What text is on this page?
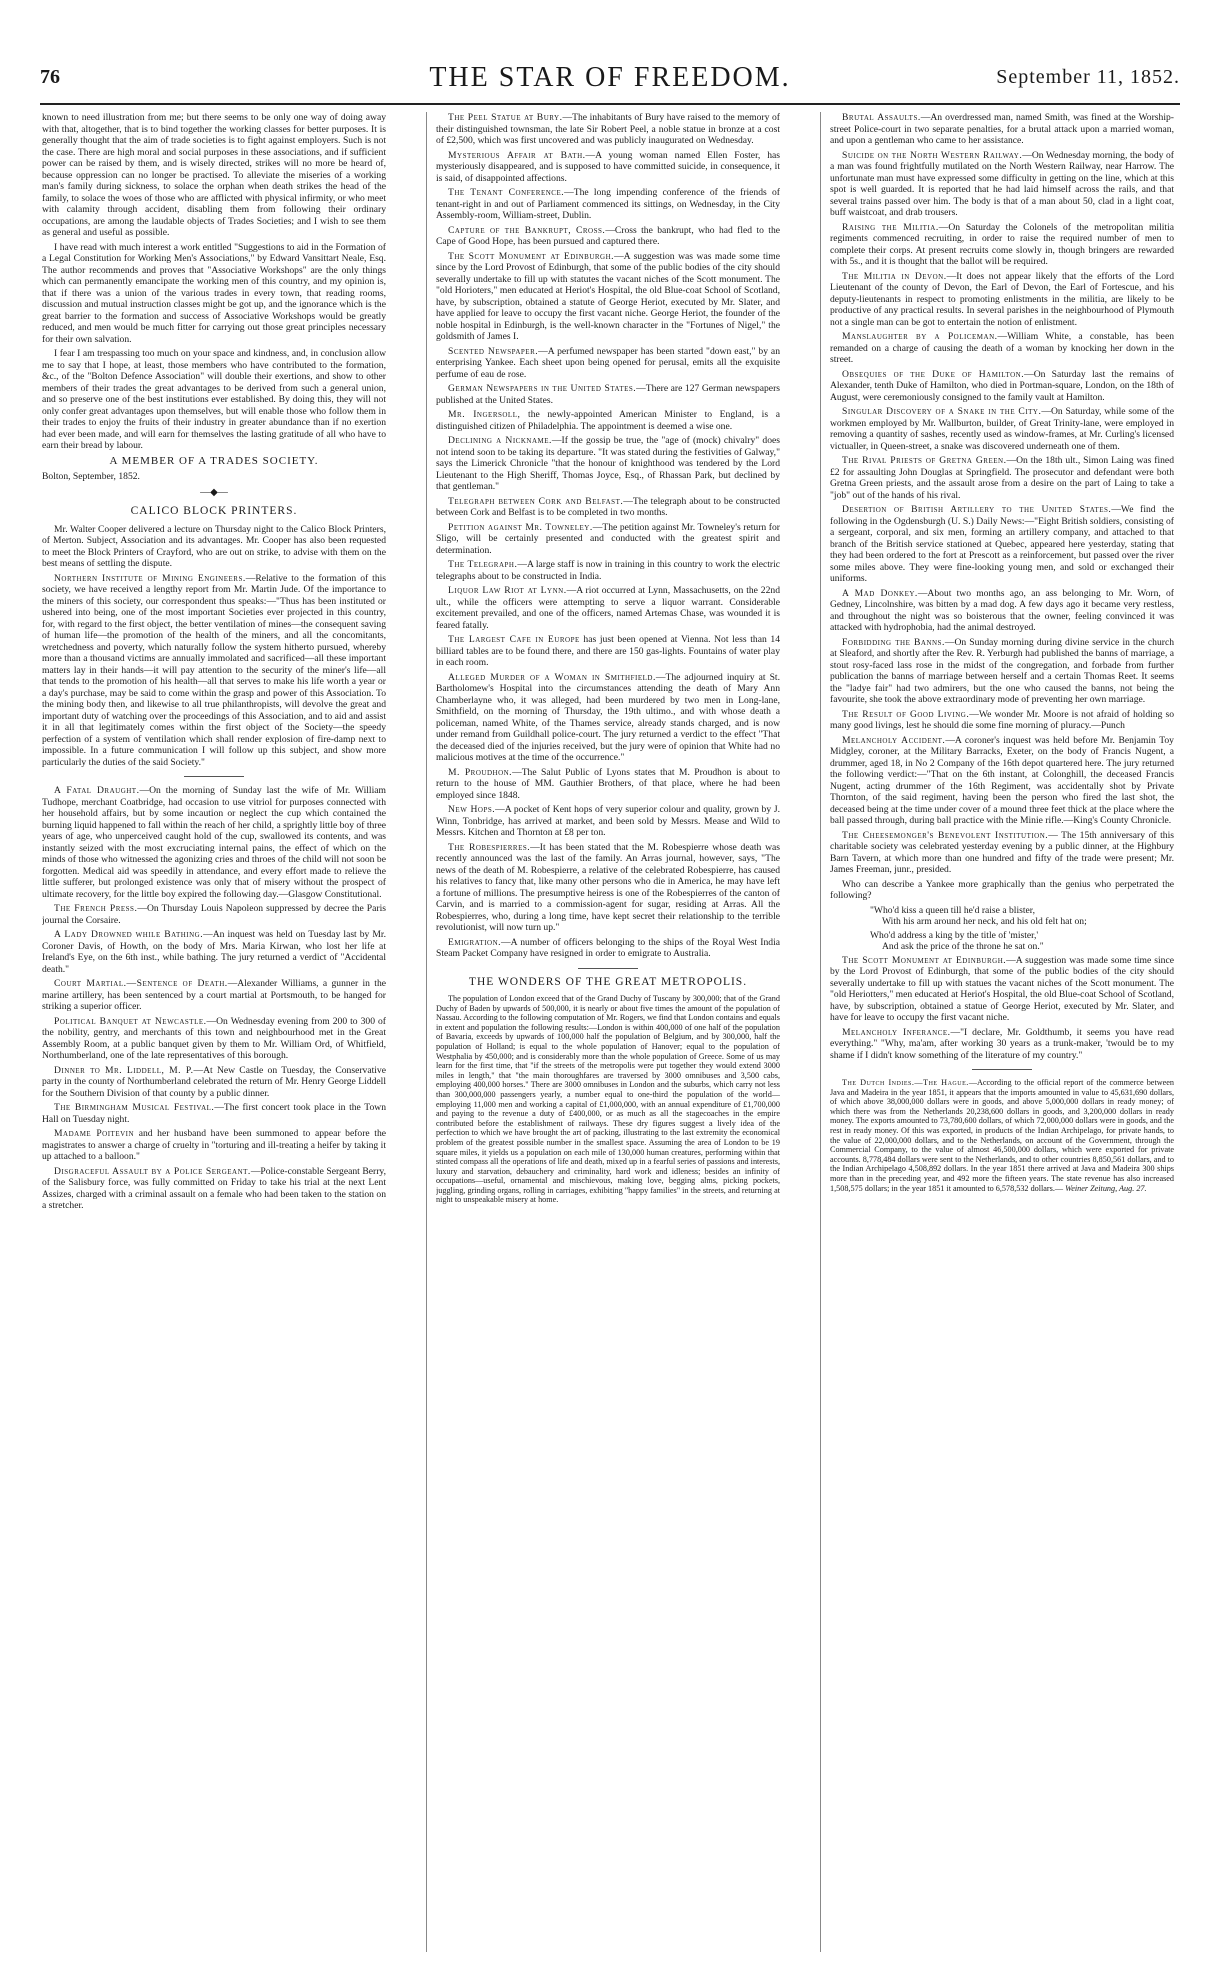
76	THE STAR OF FREEDOM.	September 11, 1852.

known to need illustration from me; but there seems to be only one way of doing away with that, altogether, that is to bind together the working classes for better purposes. It is generally thought that the aim of trade societies is to fight against employers. Such is not the case. There are high moral and social purposes in these associations, and if sufficient power can be raised by them, and is wisely directed, strikes will no more be heard of, because oppression can no longer be practised. To alleviate the miseries of a working man's family during sickness, to solace the orphan when death strikes the head of the family, to solace the woes of those who are afflicted with physical infirmity, or who meet with calamity through accident, disabling them from following their ordinary occupations, are among the laudable objects of Trades Societies; and I wish to see them as general and useful as possible.

I have read with much interest a work entitled "Suggestions to aid in the Formation of a Legal Constitution for Working Men's Associations," by Edward Vansittart Neale, Esq. The author recommends and proves that "Associative Workshops" are the only things which can permanently emancipate the working men of this country, and my opinion is, that if there was a union of the various trades in every town, that reading rooms, discussion and mutual instruction classes might be got up, and the ignorance which is the great barrier to the formation and success of Associative Workshops would be greatly reduced, and men would be much fitter for carrying out those great principles necessary for their own salvation.

I fear I am trespassing too much on your space and kindness, and, in conclusion allow me to say that I hope, at least, those members who have contributed to the formation, &c., of the "Bolton Defence Association" will double their exertions, and show to other members of their trades the great advantages to be derived from such a general union, and so preserve one of the best institutions ever established. By doing this, they will not only confer great advantages upon themselves, but will enable those who follow them in their trades to enjoy the fruits of their industry in greater abundance than if no exertion had ever been made, and will earn for themselves the lasting gratitude of all who have to earn their bread by labour.

A MEMBER OF A TRADES SOCIETY.

Bolton, September, 1852.

—◆—

CALICO BLOCK PRINTERS.

Mr. Walter Cooper delivered a lecture on Thursday night to the Calico Block Printers, of Merton. Subject, Association and its advantages. Mr. Cooper has also been requested to meet the Block Printers of Crayford, who are out on strike, to advise with them on the best means of settling the dispute.

Northern Institute of Mining Engineers.—Relative to the formation of this society, we have received a lengthy report from Mr. Martin Jude. Of the importance to the miners of this society, our correspondent thus speaks:—"Thus has been instituted or ushered into being, one of the most important Societies ever projected in this country, for, with regard to the first object, the better ventilation of mines—the consequent saving of human life—the promotion of the health of the miners, and all the concomitants, wretchedness and poverty, which naturally follow the system hitherto pursued, whereby more than a thousand victims are annually immolated and sacrificed—all these important matters lay in their hands—it will pay attention to the security of the miner's life—all that tends to the promotion of his health—all that serves to make his life worth a year or a day's purchase, may be said to come within the grasp and power of this Association. To the mining body then, and likewise to all true philanthropists, will devolve the great and important duty of watching over the proceedings of this Association, and to aid and assist it in all that legitimately comes within the first object of the Society—the speedy perfection of a system of ventilation which shall render explosion of fire-damp next to impossible. In a future communication I will follow up this subject, and show more particularly the duties of the said Society."

A Fatal Draught.—On the morning of Sunday last the wife of Mr. William Tudhope, merchant Coatbridge, had occasion to use vitriol for purposes connected with her household affairs, but by some incaution or neglect the cup which contained the burning liquid happened to fall within the reach of her child, a sprightly little boy of three years of age, who unperceived caught hold of the cup, swallowed its contents, and was instantly seized with the most excruciating internal pains, the effect of which on the minds of those who witnessed the agonizing cries and throes of the child will not soon be forgotten. Medical aid was speedily in attendance, and every effort made to relieve the little sufferer, but prolonged existence was only that of misery without the prospect of ultimate recovery, for the little boy expired the following day.—Glasgow Constitutional.

The French Press.—On Thursday Louis Napoleon suppressed by decree the Paris journal the Corsaire.

A Lady Drowned while Bathing.—An inquest was held on Tuesday last by Mr. Coroner Davis, of Howth, on the body of Mrs. Maria Kirwan, who lost her life at Ireland's Eye, on the 6th inst., while bathing. The jury returned a verdict of "Accidental death."

Court Martial.—Sentence of Death.—Alexander Williams, a gunner in the marine artillery, has been sentenced by a court martial at Portsmouth, to be hanged for striking a superior officer.

Political Banquet at Newcastle.—On Wednesday evening from 200 to 300 of the nobility, gentry, and merchants of this town and neighbourhood met in the Great Assembly Room, at a public banquet given by them to Mr. William Ord, of Whitfield, Northumberland, one of the late representatives of this borough.

Dinner to Mr. Liddell, M. P.—At New Castle on Tuesday, the Conservative party in the county of Northumberland celebrated the return of Mr. Henry George Liddell for the Southern Division of that county by a public dinner.

The Birmingham Musical Festival.—The first concert took place in the Town Hall on Tuesday night.

Madame Poitevin and her husband have been summoned to appear before the magistrates to answer a charge of cruelty in "torturing and ill-treating a heifer by taking it up attached to a balloon."

Disgraceful Assault by a Police Sergeant.—Police-constable Sergeant Berry, of the Salisbury force, was fully committed on Friday to take his trial at the next Lent Assizes, charged with a criminal assault on a female who had been taken to the station on a stretcher.

The Peel Statue at Bury.—The inhabitants of Bury have raised to the memory of their distinguished townsman, the late Sir Robert Peel, a noble statue in bronze at a cost of £2,500, which was first uncovered and was publicly inaugurated on Wednesday.

Mysterious Affair at Bath.—A young woman named Ellen Foster, has mysteriously disappeared, and is supposed to have committed suicide, in consequence, it is said, of disappointed affections.

The Tenant Conference.—The long impending conference of the friends of tenant-right in and out of Parliament commenced its sittings, on Wednesday, in the City Assembly-room, William-street, Dublin.

Capture of the Bankrupt, Cross.—Cross the bankrupt, who had fled to the Cape of Good Hope, has been pursued and captured there.

The Scott Monument at Edinburgh.—A suggestion was was made some time since by the Lord Provost of Edinburgh, that some of the public bodies of the city should severally undertake to fill up with statutes the vacant niches of the Scott monument. The "old Horioters," men educated at Heriot's Hospital, the old Blue-coat School of Scotland, have, by subscription, obtained a statute of George Heriot, executed by Mr. Slater, and have applied for leave to occupy the first vacant niche. George Heriot, the founder of the noble hospital in Edinburgh, is the well-known character in the "Fortunes of Nigel," the goldsmith of James I.

Scented Newspaper.—A perfumed newspaper has been started "down east," by an enterprising Yankee. Each sheet upon being opened for perusal, emits all the exquisite perfume of eau de rose.

German Newspapers in the United States.—There are 127 German newspapers published at the United States.

Mr. Ingersoll, the newly-appointed American Minister to England, is a distinguished citizen of Philadelphia. The appointment is deemed a wise one.

Declining a Nickname.—If the gossip be true, the "age of (mock) chivalry" does not intend soon to be taking its departure. "It was stated during the festivities of Galway," says the Limerick Chronicle "that the honour of knighthood was tendered by the Lord Lieutenant to the High Sheriff, Thomas Joyce, Esq., of Rhassan Park, but declined by that gentleman."

Telegraph between Cork and Belfast.—The telegraph about to be constructed between Cork and Belfast is to be completed in two months.

Petition against Mr. Towneley.—The petition against Mr. Towneley's return for Sligo, will be certainly presented and conducted with the greatest spirit and determination.

The Telegraph.—A large staff is now in training in this country to work the electric telegraphs about to be constructed in India.

Liquor Law Riot at Lynn.—A riot occurred at Lynn, Massachusetts, on the 22nd ult., while the officers were attempting to serve a liquor warrant. Considerable excitement prevailed, and one of the officers, named Artemas Chase, was wounded it is feared fatally.

The Largest Cafe in Europe has just been opened at Vienna. Not less than 14 billiard tables are to be found there, and there are 150 gas-lights. Fountains of water play in each room.

Alleged Murder of a Woman in Smithfield.—The adjourned inquiry at St. Bartholomew's Hospital into the circumstances attending the death of Mary Ann Chamberlayne who, it was alleged, had been murdered by two men in Long-lane, Smithfield, on the morning of Thursday, the 19th ultimo., and with whose death a policeman, named White, of the Thames service, already stands charged, and is now under remand from Guildhall police-court. The jury returned a verdict to the effect "That the deceased died of the injuries received, but the jury were of opinion that White had no malicious motives at the time of the occurrence."

M. Proudhon.—The Salut Public of Lyons states that M. Proudhon is about to return to the house of MM. Gauthier Brothers, of that place, where he had been employed since 1848.

New Hops.—A pocket of Kent hops of very superior colour and quality, grown by J. Winn, Tonbridge, has arrived at market, and been sold by Messrs. Mease and Wild to Messrs. Kitchen and Thornton at £8 per ton.

The Robespierres.—It has been stated that the M. Robespierre whose death was recently announced was the last of the family. An Arras journal, however, says, "The news of the death of M. Robespierre, a relative of the celebrated Robespierre, has caused his relatives to fancy that, like many other persons who die in America, he may have left a fortune of millions. The presumptive heiress is one of the Robespierres of the canton of Carvin, and is married to a commission-agent for sugar, residing at Arras. All the Robespierres, who, during a long time, have kept secret their relationship to the terrible revolutionist, will now turn up."

Emigration.—A number of officers belonging to the ships of the Royal West India Steam Packet Company have resigned in order to emigrate to Australia.

THE WONDERS OF THE GREAT METROPOLIS.

The population of London exceed that of the Grand Duchy of Tuscany by 300,000; that of the Grand Duchy of Baden by upwards of 500,000, it is nearly or about five times the amount of the population of Nassau. According to the following computation of Mr. Rogers, we find that London contains and equals in extent and population the following results:—London is within 400,000 of one half of the population of Bavaria, exceeds by upwards of 100,000 half the population of Belgium, and by 300,000, half the population of Holland; is equal to the whole population of Hanover; equal to the population of Westphalia by 450,000; and is considerably more than the whole population of Greece. Some of us may learn for the first time, that "if the streets of the metropolis were put together they would extend 3000 miles in length," that "the main thoroughfares are traversed by 3000 omnibuses and 3,500 cabs, employing 400,000 horses." There are 3000 omnibuses in London and the suburbs, which carry not less than 300,000,000 passengers yearly, a number equal to one-third the population of the world—employing 11,000 men and working a capital of £1,000,000, with an annual expenditure of £1,700,000 and paying to the revenue a duty of £400,000, or as much as all the stagecoaches in the empire contributed before the establishment of railways. These dry figures suggest a lively idea of the perfection to which we have brought the art of packing, illustrating to the last extremity the economical problem of the greatest possible number in the smallest space. Assuming the area of London to be 19 square miles, it yields us a population on each mile of 130,000 human creatures, performing within that stinted compass all the operations of life and death, mixed up in a fearful series of passions and interests, luxury and starvation, debauchery and criminality, hard work and idleness; besides an infinity of occupations—useful, ornamental and mischievous, making love, begging alms, picking pockets, juggling, grinding organs, rolling in carriages, exhibiting "happy families" in the streets, and returning at night to unspeakable misery at home.

Brutal Assaults.—An overdressed man, named Smith, was fined at the Worship-street Police-court in two separate penalties, for a brutal attack upon a married woman, and upon a gentleman who came to her assistance.

Suicide on the North Western Railway.—On Wednesday morning, the body of a man was found frightfully mutilated on the North Western Railway, near Harrow. The unfortunate man must have expressed some difficulty in getting on the line, which at this spot is well guarded. It is reported that he had laid himself across the rails, and that several trains passed over him. The body is that of a man about 50, clad in a light coat, buff waistcoat, and drab trousers.

Raising the Militia.—On Saturday the Colonels of the metropolitan militia regiments commenced recruiting, in order to raise the required number of men to complete their corps. At present recruits come slowly in, though bringers are rewarded with 5s., and it is thought that the ballot will be required.

The Militia in Devon.—It does not appear likely that the efforts of the Lord Lieutenant of the county of Devon, the Earl of Devon, the Earl of Fortescue, and his deputy-lieutenants in respect to promoting enlistments in the militia, are likely to be productive of any practical results. In several parishes in the neighbourhood of Plymouth not a single man can be got to entertain the notion of enlistment.

Manslaughter by a Policeman.—William White, a constable, has been remanded on a charge of causing the death of a woman by knocking her down in the street.

Obsequies of the Duke of Hamilton.—On Saturday last the remains of Alexander, tenth Duke of Hamilton, who died in Portman-square, London, on the 18th of August, were ceremoniously consigned to the family vault at Hamilton.

Singular Discovery of a Snake in the City.—On Saturday, while some of the workmen employed by Mr. Wallburton, builder, of Great Trinity-lane, were employed in removing a quantity of sashes, recently used as window-frames, at Mr. Curling's licensed victualler, in Queen-street, a snake was discovered underneath one of them.

The Rival Priests of Gretna Green.—On the 18th ult., Simon Laing was fined £2 for assaulting John Douglas at Springfield. The prosecutor and defendant were both Gretna Green priests, and the assault arose from a desire on the part of Laing to take a "job" out of the hands of his rival.

Desertion of British Artillery to the United States.—We find the following in the Ogdensburgh (U. S.) Daily News:—"Eight British soldiers, consisting of a sergeant, corporal, and six men, forming an artillery company, and attached to that branch of the British service stationed at Quebec, appeared here yesterday, stating that they had been ordered to the fort at Prescott as a reinforcement, but passed over the river some miles above. They were fine-looking young men, and sold or exchanged their uniforms.

A Mad Donkey.—About two months ago, an ass belonging to Mr. Worn, of Gedney, Lincolnshire, was bitten by a mad dog. A few days ago it became very restless, and throughout the night was so boisterous that the owner, feeling convinced it was attacked with hydrophobia, had the animal destroyed.

Forbidding the Banns.—On Sunday morning during divine service in the church at Sleaford, and shortly after the Rev. R. Yerburgh had published the banns of marriage, a stout rosy-faced lass rose in the midst of the congregation, and forbade from further publication the banns of marriage between herself and a certain Thomas Reet. It seems the "ladye fair" had two admirers, but the one who caused the banns, not being the favourite, she took the above extraordinary mode of preventing her own marriage.

The Result of Good Living.—We wonder Mr. Moore is not afraid of holding so many good livings, lest he should die some fine morning of pluracy.—Punch

Melancholy Accident.—A coroner's inquest was held before Mr. Benjamin Toy Midgley, coroner, at the Military Barracks, Exeter, on the body of Francis Nugent, a drummer, aged 18, in No 2 Company of the 16th depot quartered here. The jury returned the following verdict:—"That on the 6th instant, at Colonghill, the deceased Francis Nugent, acting drummer of the 16th Regiment, was accidentally shot by Private Thornton, of the said regiment, having been the person who fired the last shot, the deceased being at the time under cover of a mound three feet thick at the place where the ball passed through, during ball practice with the Minie rifle.—King's County Chronicle.

The Cheesemonger's Benevolent Institution.— The 15th anniversary of this charitable society was celebrated yesterday evening by a public dinner, at the Highbury Barn Tavern, at which more than one hundred and fifty of the trade were present; Mr. James Freeman, junr., presided.

Who can describe a Yankee more graphically than the genius who perpetrated the following?

"Who'd kiss a queen till he'd raise a blister,

With his arm around her neck, and his old felt hat on;

Who'd address a king by the title of 'mister,'

And ask the price of the throne he sat on."

The Scott Monument at Edinburgh.—A suggestion was made some time since by the Lord Provost of Edinburgh, that some of the public bodies of the city should severally undertake to fill up with statues the vacant niches of the Scott monument. The "old Heriotters," men educated at Heriot's Hospital, the old Blue-coat School of Scotland, have, by subscription, obtained a statue of George Heriot, executed by Mr. Slater, and have for leave to occupy the first vacant niche.

Melancholy Inferance.—"I declare, Mr. Goldthumb, it seems you have read everything." "Why, ma'am, after working 30 years as a trunk-maker, 'twould be to my shame if I didn't know something of the literature of my country."

The Dutch Indies.—The Hague.—According to the official report of the commerce between Java and Madeira in the year 1851, it appears that the imports amounted in value to 45,631,690 dollars, of which above 38,000,000 dollars were in goods, and above 5,000,000 dollars in ready money; of which there was from the Netherlands 20,238,600 dollars in goods, and 3,200,000 dollars in ready money. The exports amounted to 73,780,600 dollars, of which 72,000,000 dollars were in goods, and the rest in ready money. Of this was exported, in products of the Indian Archipelago, for private hands, to the value of 22,000,000 dollars, and to the Netherlands, on account of the Government, through the Commercial Company, to the value of almost 46,500,000 dollars, which were exported for private accounts. 8,778,484 dollars were sent to the Netherlands, and to other countries 8,850,561 dollars, and to the Indian Archipelago 4,508,892 dollars. In the year 1851 there arrived at Java and Madeira 300 ships more than in the preceding year, and 492 more the fifteen years. The state revenue has also increased 1,508,575 dollars; in the year 1851 it amounted to 6,578,532 dollars.— Weiner Zeitung, Aug. 27.
